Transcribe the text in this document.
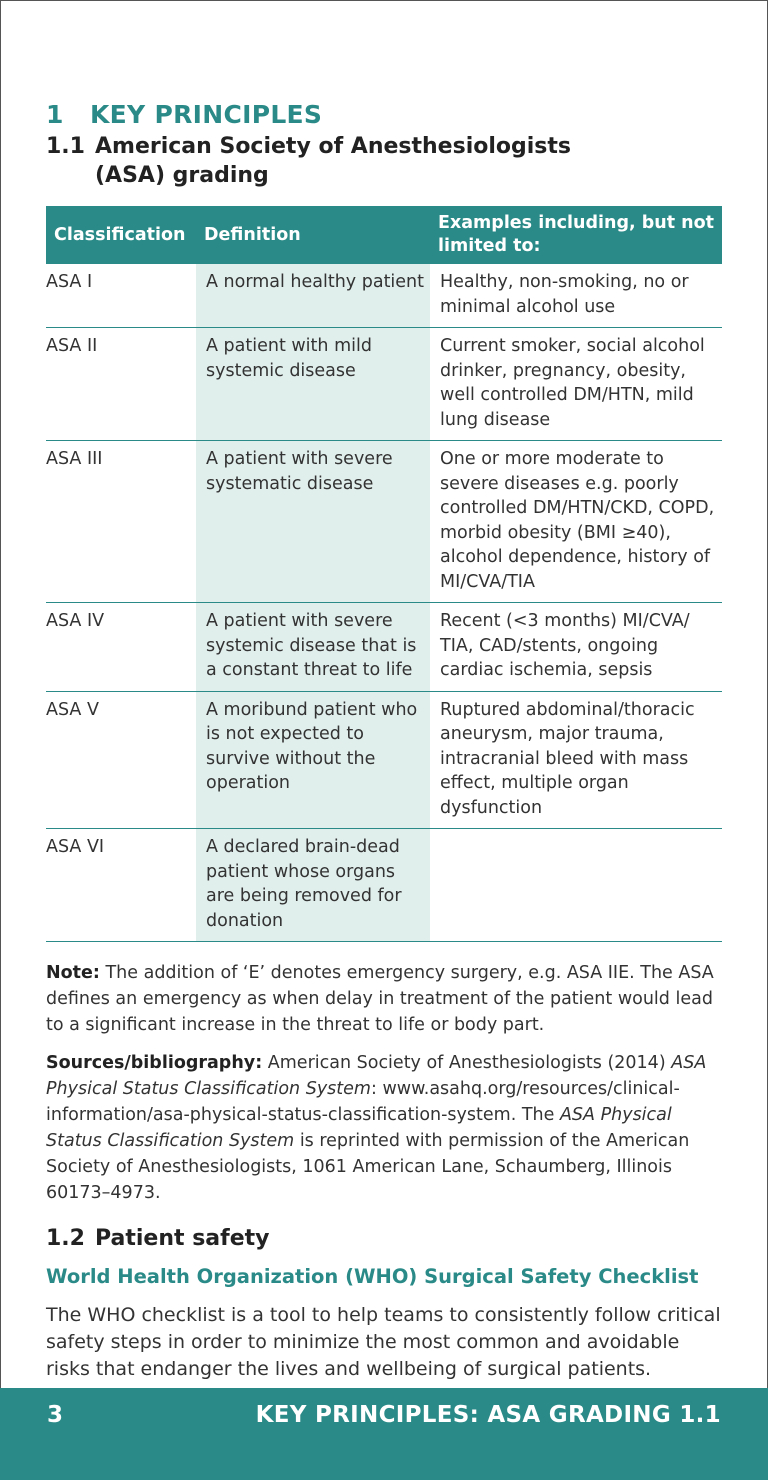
1 KEY PRINCIPLES
1.1 American Society of Anesthesiologists (ASA) grading
Classification	Definition	Examples including, but not limited to:
ASA I	A normal healthy patient	Healthy, non-smoking, no or minimal alcohol use
ASA II	A patient with mild systemic disease	Current smoker, social alcohol drinker, pregnancy, obesity, well controlled DM/HTN, mild lung disease
ASA III	A patient with severe systematic disease	One or more moderate to severe diseases e.g. poorly controlled DM/HTN/CKD, COPD, morbid obesity (BMI ≥40), alcohol dependence, history of MI/CVA/TIA
ASA IV	A patient with severe systemic disease that is a constant threat to life	Recent (<3 months) MI/CVA/ TIA, CAD/stents, ongoing cardiac ischemia, sepsis
ASA V	A moribund patient who is not expected to survive without the operation	Ruptured abdominal/thoracic aneurysm, major trauma, intracranial bleed with mass effect, multiple organ dysfunction
ASA VI	A declared brain-dead patient whose organs are being removed for donation	
Note: The addition of ‘E’ denotes emergency surgery, e.g. ASA IIE. The ASA defines an emergency as when delay in treatment of the patient would lead to a significant increase in the threat to life or body part.
Sources/bibliography: American Society of Anesthesiologists (2014) ASA Physical Status Classification System: www.asahq.org/resources/clinical-information/asa-physical-status-classification-system. The ASA Physical Status Classification System is reprinted with permission of the American Society of Anesthesiologists, 1061 American Lane, Schaumberg, Illinois 60173–4973.
1.2 Patient safety
World Health Organization (WHO) Surgical Safety Checklist
The WHO checklist is a tool to help teams to consistently follow critical safety steps in order to minimize the most common and avoidable risks that endanger the lives and wellbeing of surgical patients.
3	KEY PRINCIPLES: ASA GRADING 1.1
